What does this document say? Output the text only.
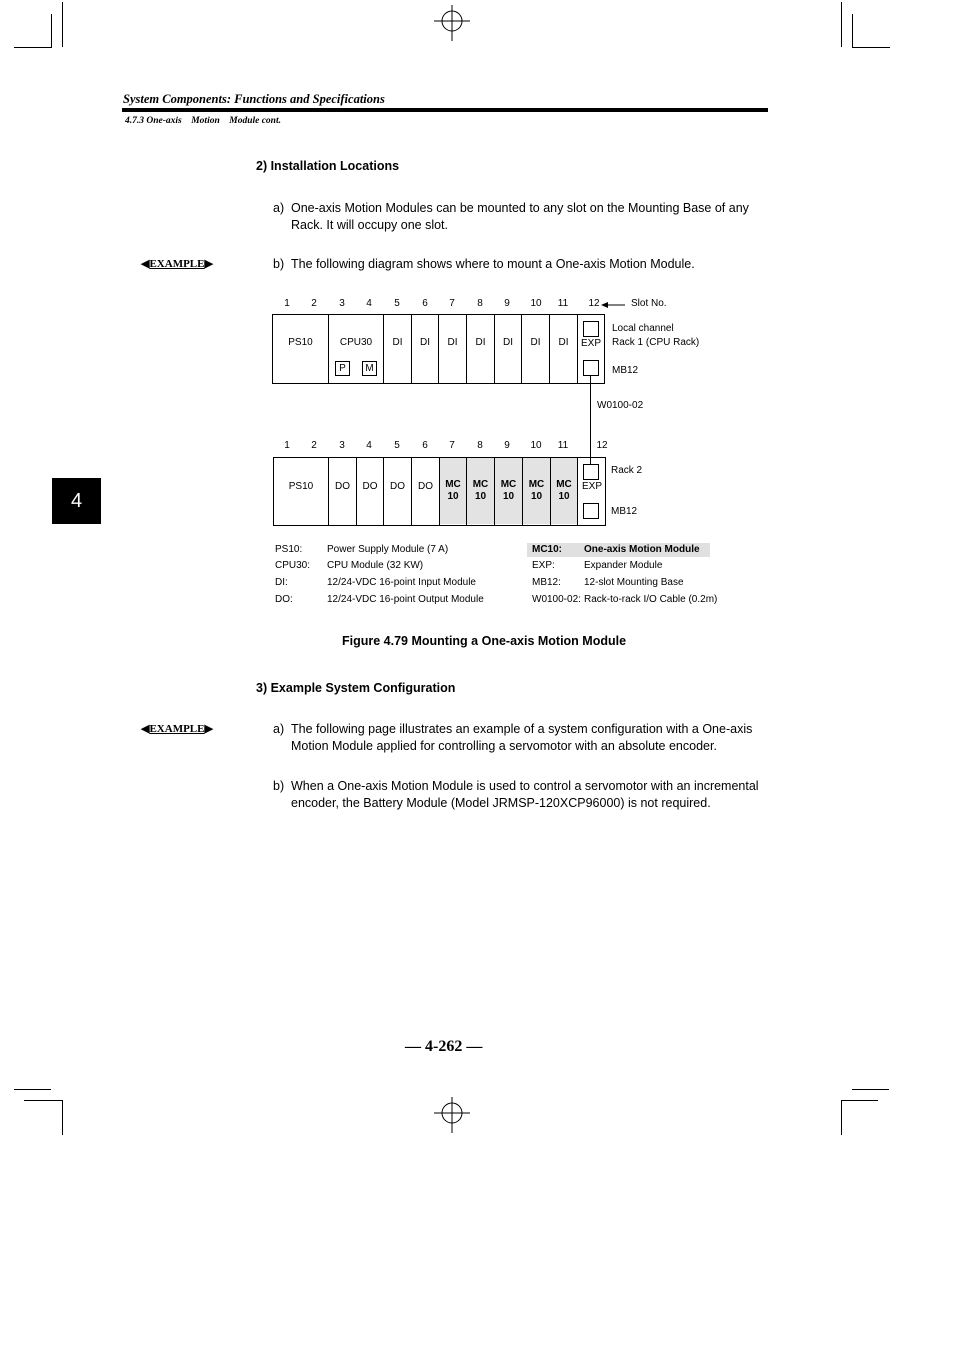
System Components: Functions and Specifications
4.7.3 One-axis Motion Module cont.
4
2) Installation Locations
a) One-axis Motion Modules can be mounted to any slot on the Mounting Base of any Rack. It will occupy one slot.
◀EXAMPLE▶	b) The following diagram shows where to mount a One-axis Motion Module.
1	2	3	4	5	6	7	8	9	10	11	12	Slot No.
PS10	CPU30
P	M
DI	DI	DI	DI	DI	DI	DI	EXP
Local channel
Rack 1 (CPU Rack)
MB12
W0100-02
1	2	3	4	5	6	7	8	9	10	11	12
PS10	DO	DO	DO	DO	MC
10
MC
10
MC
10
MC
10
MC
10
EXP
Rack 2
MB12
PS10: Power Supply Module (7 A)
CPU30: CPU Module (32 KW)
DI:	12/24-VDC 16-point Input Module
DO:	12/24-VDC 16-point Output Module
MC10: One-axis Motion Module
EXP:	Expander Module
MB12: 12-slot Mounting Base
W0100-02: Rack-to-rack I/O Cable (0.2m)
Figure 4.79 Mounting a One-axis Motion Module
3) Example System Configuration
◀EXAMPLE▶	a) The following page illustrates an example of a system configuration with a One-axis Motion Module applied for controlling a servomotor with an absolute encoder.
b) When a One-axis Motion Module is used to control a servomotor with an incremental encoder, the Battery Module (Model JRMSP-120XCP96000) is not required.
— 4-262 —
